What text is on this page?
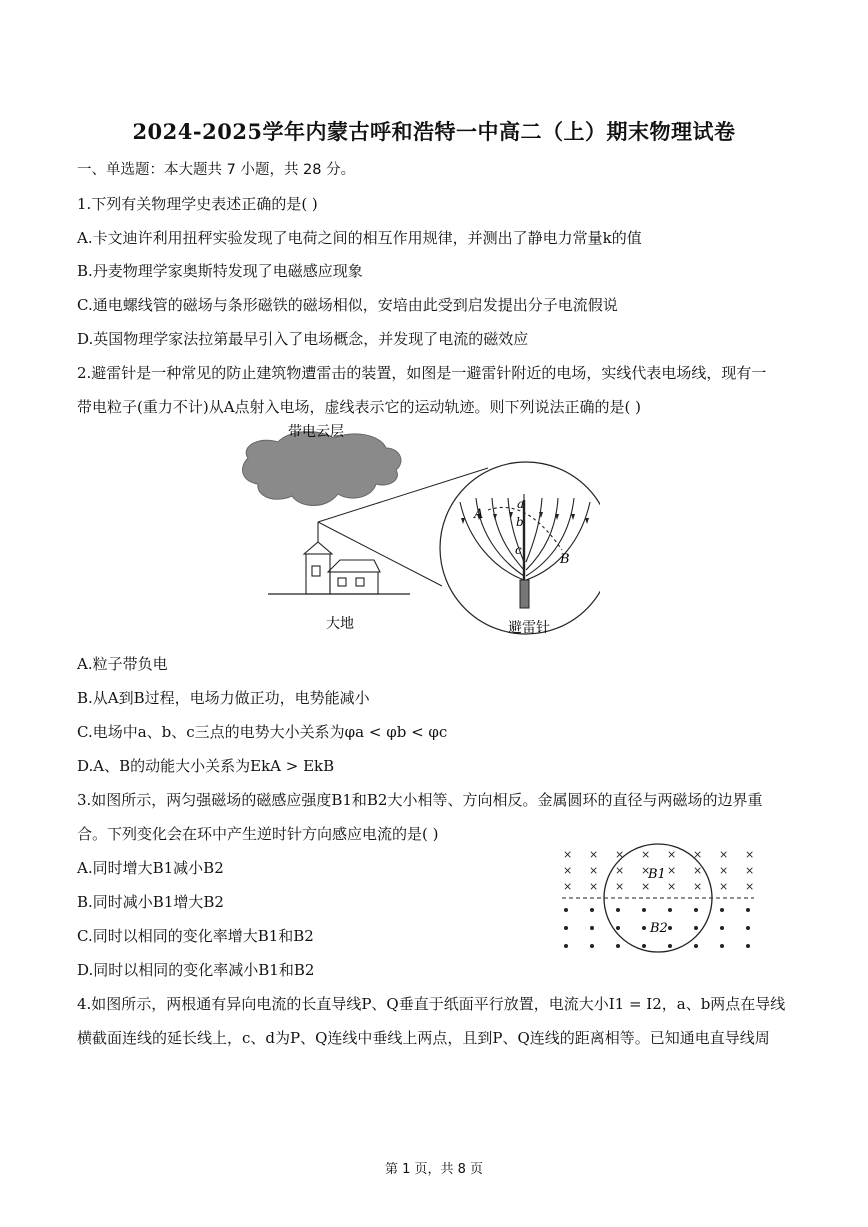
2024-2025学年内蒙古呼和浩特一中高二（上）期末物理试卷
一、单选题：本大题共 7 小题，共 28 分。
1.下列有关物理学史表述正确的是( )
A.卡文迪许利用扭秤实验发现了电荷之间的相互作用规律，并测出了静电力常量k的值
B.丹麦物理学家奥斯特发现了电磁感应现象
C.通电螺线管的磁场与条形磁铁的磁场相似，安培由此受到启发提出分子电流假说
D.英国物理学家法拉第最早引入了电场概念，并发现了电流的磁效应
2.避雷针是一种常见的防止建筑物遭雷击的装置，如图是一避雷针附近的电场，实线代表电场线，现有一
带电粒子(重力不计)从A点射入电场，虚线表示它的运动轨迹。则下列说法正确的是( )
带电云层
大地
A
B
a
b
c
避雷针
A.粒子带负电
B.从A到B过程，电场力做正功，电势能减小
C.电场中a、b、c三点的电势大小关系为φa < φb < φc
D.A、B的动能大小关系为EkA > EkB
3.如图所示，两匀强磁场的磁感应强度B1和B2大小相等、方向相反。金属圆环的直径与两磁场的边界重
合。下列变化会在环中产生逆时针方向感应电流的是( )
A.同时增大B1减小B2
B.同时减小B1增大B2
C.同时以相同的变化率增大B1和B2
D.同时以相同的变化率减小B1和B2
× × × × × × × ×
× × × × × × × ×
× × × × × × × ×
B1
B2
4.如图所示，两根通有异向电流的长直导线P、Q垂直于纸面平行放置，电流大小I1 = I2，a、b两点在导线
横截面连线的延长线上，c、d为P、Q连线中垂线上两点，且到P、Q连线的距离相等。已知通电直导线周
第 1 页，共 8 页
